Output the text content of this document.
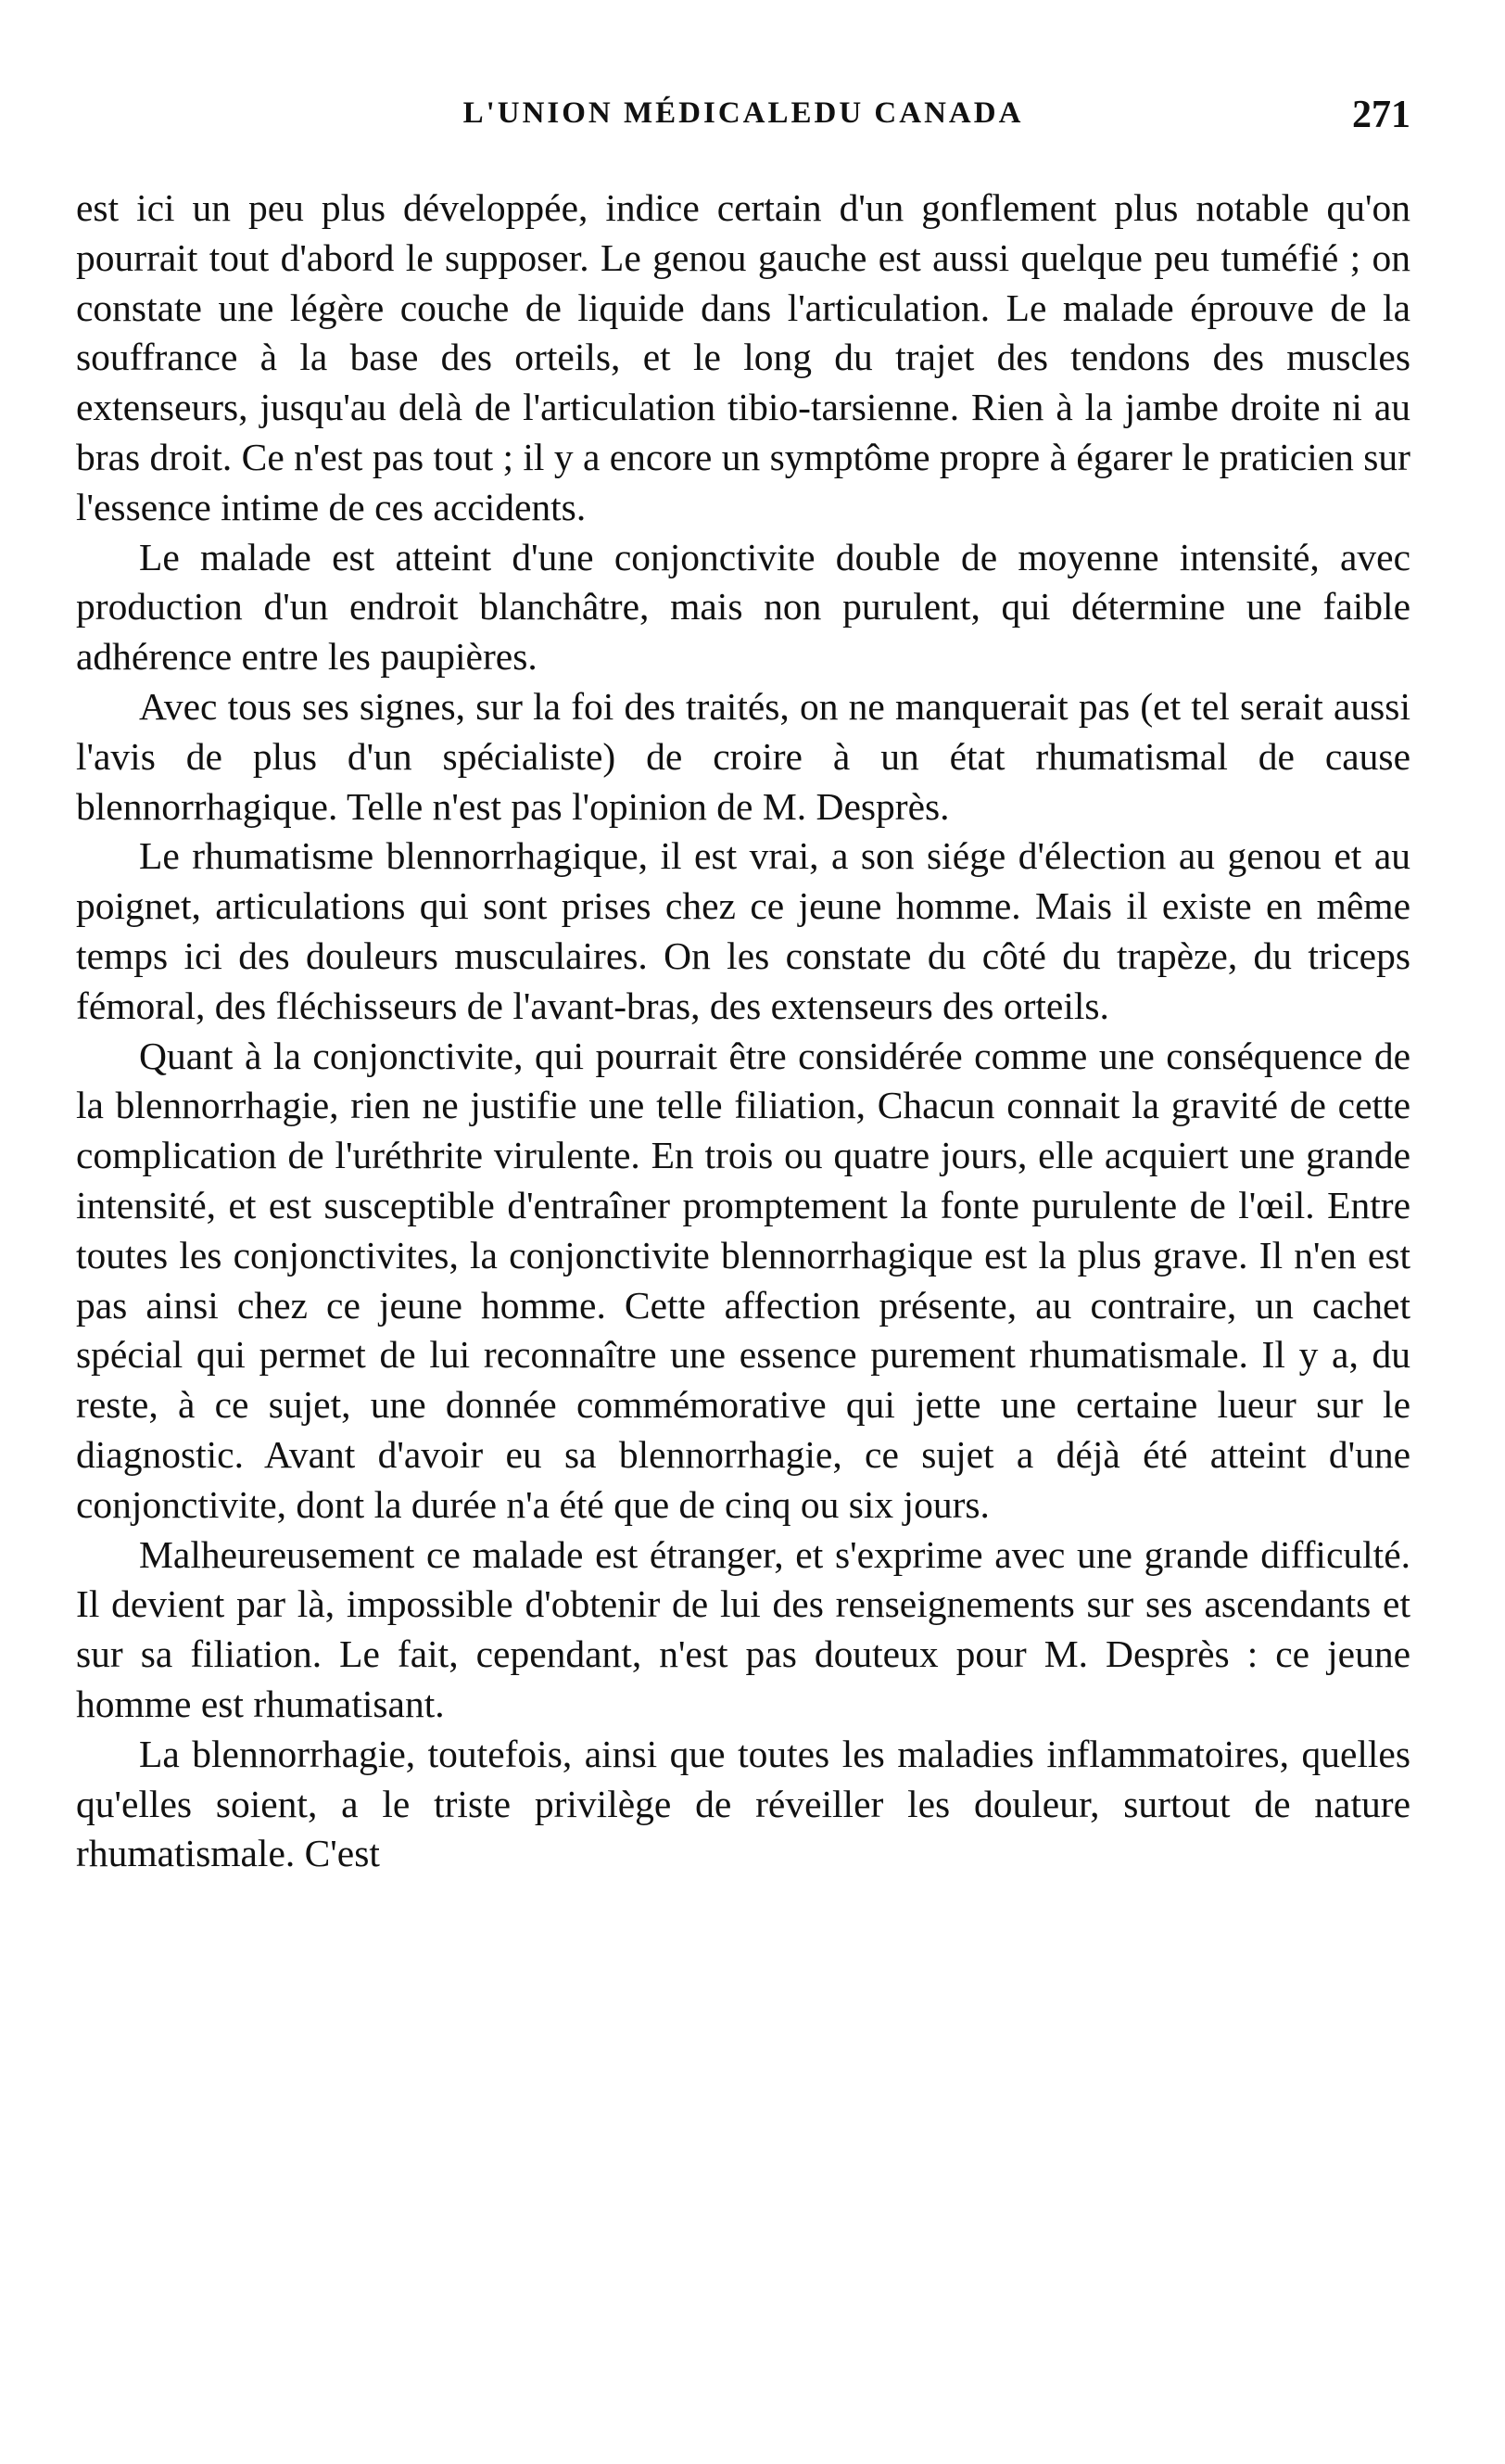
L'UNION MÉDICALEDU CANADA	271

est ici un peu plus développée, indice certain d'un gonflement plus notable qu'on pourrait tout d'abord le supposer. Le genou gauche est aussi quelque peu tuméfié ; on constate une légère couche de liquide dans l'articulation. Le malade éprouve de la souffrance à la base des orteils, et le long du trajet des tendons des muscles extenseurs, jusqu'au delà de l'articulation tibio-tarsienne. Rien à la jambe droite ni au bras droit. Ce n'est pas tout ; il y a encore un symptôme propre à égarer le praticien sur l'essence intime de ces accidents.

Le malade est atteint d'une conjonctivite double de moyenne intensité, avec production d'un endroit blanchâtre, mais non purulent, qui détermine une faible adhérence entre les paupières.

Avec tous ses signes, sur la foi des traités, on ne manquerait pas (et tel serait aussi l'avis de plus d'un spécialiste) de croire à un état rhumatismal de cause blennorrhagique. Telle n'est pas l'opinion de M. Desprès.

Le rhumatisme blennorrhagique, il est vrai, a son siége d'élection au genou et au poignet, articulations qui sont prises chez ce jeune homme. Mais il existe en même temps ici des douleurs musculaires. On les constate du côté du trapèze, du triceps fémoral, des fléchisseurs de l'avant-bras, des extenseurs des orteils.

Quant à la conjonctivite, qui pourrait être considérée comme une conséquence de la blennorrhagie, rien ne justifie une telle filiation, Chacun connait la gravité de cette complication de l'uréthrite virulente. En trois ou quatre jours, elle acquiert une grande intensité, et est susceptible d'entraîner promptement la fonte purulente de l'œil. Entre toutes les conjonctivites, la conjonctivite blennorrhagique est la plus grave. Il n'en est pas ainsi chez ce jeune homme. Cette affection présente, au contraire, un cachet spécial qui permet de lui reconnaître une essence purement rhumatismale. Il y a, du reste, à ce sujet, une donnée commémorative qui jette une certaine lueur sur le diagnostic. Avant d'avoir eu sa blennorrhagie, ce sujet a déjà été atteint d'une conjonctivite, dont la durée n'a été que de cinq ou six jours.

Malheureusement ce malade est étranger, et s'exprime avec une grande difficulté. Il devient par là, impossible d'obtenir de lui des renseignements sur ses ascendants et sur sa filiation. Le fait, cependant, n'est pas douteux pour M. Desprès : ce jeune homme est rhumatisant.

La blennorrhagie, toutefois, ainsi que toutes les maladies inflammatoires, quelles qu'elles soient, a le triste privilège de réveiller les douleur, surtout de nature rhumatismale. C'est
